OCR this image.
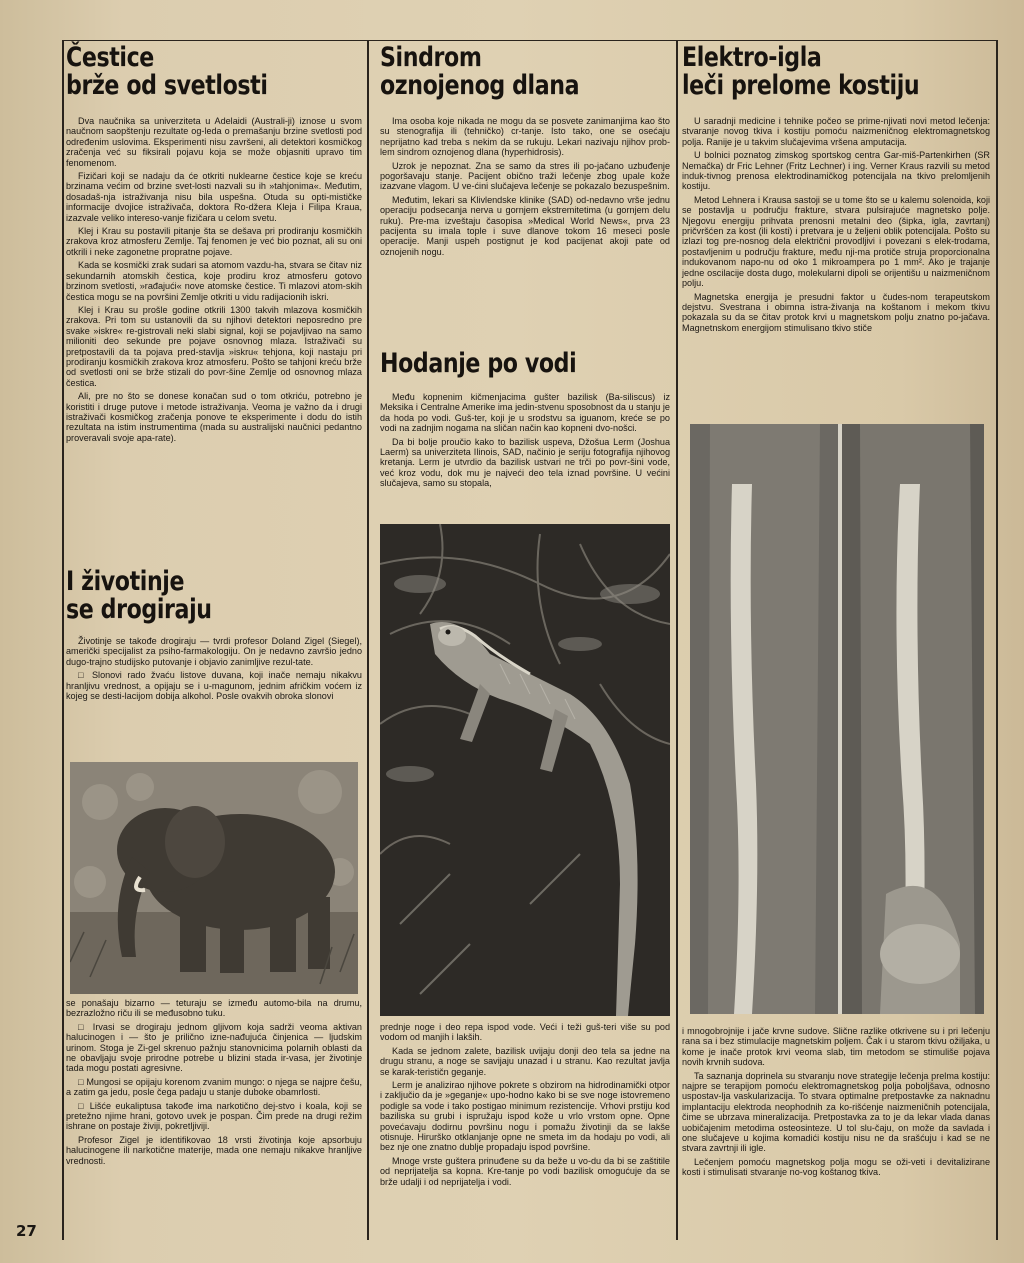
Čestice
brže od svetlosti

Dva naučnika sa univerziteta u Adelaidi (Australi-ji) iznose u svom naučnom saopštenju rezultate og-leda o premašanju brzine svetlosti pod određenim uslovima. Eksperimenti nisu završeni, ali detektori kosmičkog zračenja već su fiksirali pojavu koja se može objasniti upravo tim fenomenom.

Fizičari koji se nadaju da će otkriti nuklearne čestice koje se kreću brzinama većim od brzine svet-losti nazvali su ih »tahjonima«. Međutim, dosadaš-nja istraživanja nisu bila uspešna. Otuda su opti-mističke informacije dvojice istraživača, doktora Ro-džera Kleja i Filipa Kraua, izazvale veliko intereso-vanje fizičara u celom svetu.

Klej i Krau su postavili pitanje šta se dešava pri prodiranju kosmičkih zrakova kroz atmosferu Zemlje. Taj fenomen je već bio poznat, ali su oni otkrili i neke zagonetne propratne pojave.

Kada se kosmički zrak sudari sa atomom vazdu-ha, stvara se čitav niz sekundarnih atomskih čestica, koje prodiru kroz atmosferu gotovo brzinom svetlosti, »rađajući« nove atomske čestice. Ti mlazovi atom-skih čestica mogu se na površini Zemlje otkriti u vidu radijacionih iskri.

Klej i Krau su prošle godine otkrili 1300 takvih mlazova kosmičkih zrakova. Pri tom su ustanovili da su njihovi detektori neposredno pre svake »iskre« re-gistrovali neki slabi signal, koji se pojavljivao na samo milioniti deo sekunde pre pojave osnovnog mlaza. Istraživači su pretpostavili da ta pojava pred-stavlja »iskru« tehjona, koji nastaju pri prodiranju kosmičkih zrakova kroz atmosferu. Pošto se tahjoni kreću brže od svetlosti oni se brže stizali do povr-šine Zemlje od osnovnog mlaza čestica.

Ali, pre no što se donese konačan sud o tom otkriću, potrebno je koristiti i druge putove i metode istraživanja. Veoma je važno da i drugi istraživači kosmičkog zračenja ponove te eksperimente i dodu do istih rezultata na istim instrumentima (mada su australijski naučnici pedantno proveravali svoje apa-rate).

I životinje
se drogiraju

Životinje se takođe drogiraju — tvrdi profesor Doland Zigel (Siegel), američki specijalist za psiho-farmakologiju. On je nedavno završio jedno dugo-trajno studijsko putovanje i objavio zanimljive rezul-tate.

□ Slonovi rado žvaću listove duvana, koji inače nemaju nikakvu hranljivu vrednost, a opijaju se i u-magunom, jednim afričkim voćem iz kojeg se desti-lacijom dobija alkohol. Posle ovakvih obroka slonovi

se ponašaju bizarno — teturaju se između automo-bila na drumu, bezrazložno riču ili se međusobno tuku.

□ Irvasi se drogiraju jednom gljivom koja sadrži veoma aktivan halucinogen i — što je prilično izne-nađujuća činjenica — ljudskim urinom. Stoga je Zi-gel skrenuo pažnju stanovnicima polarnih oblasti da ne obavljaju svoje prirodne potrebe u blizini stada ir-vasa, jer životinje tada mogu postati agresivne.

□ Mungosi se opijaju korenom zvanim mungo: o njega se najpre češu, a zatim ga jedu, posle čega padaju u stanje duboke obamrlosti.

□ Lišće eukaliptusa takođe ima narkotično dej-stvo i koala, koji se pretežno njime hrani, gotovo uvek je pospan. Čim prede na drugi režim ishrane on postaje živiji, pokretljiviji.

Profesor Zigel je identifikovao 18 vrsti životinja koje apsorbuju halucinogene ili narkotične materije, mada one nemaju nikakve hranljive vrednosti.

27
Sindrom
oznojenog dlana

Ima osoba koje nikada ne mogu da se posvete zanimanjima kao što su stenografija ili (tehničko) cr-tanje. Isto tako, one se osećaju neprijatno kad treba s nekim da se rukuju. Lekari nazivaju njihov prob-lem sindrom oznojenog dlana (hyperhidrosis).

Uzrok je nepoznat. Zna se samo da stres ili po-jačano uzbuđenje pogoršavaju stanje. Pacijent obično traži lečenje zbog upale kože izazvane vlagom. U ve-ćini slučajeva lečenje se pokazalo bezuspešnim.

Međutim, lekari sa Klivlendske klinike (SAD) od-nedavno vrše jednu operaciju podsecanja nerva u gornjem ekstremitetima (u gornjem delu ruku). Pre-ma izveštaju časopisa »Medical World News«, prva 23 pacijenta su imala tople i suve dlanove tokom 16 meseci posle operacije. Manji uspeh postignut je kod pacijenat akoji pate od oznojenih nogu.

Hodanje po vodi

Među kopnenim kičmenjacima gušter bazilisk (Ba-siliscus) iz Meksika i Centralne Amerike ima jedin-stvenu sposobnost da u stanju je da hoda po vodi. Guš-ter, koji je u srodstvu sa iguanom, kreće se po vodi na zadnjim nogama na sličan način kao kopneni dvo-nošci.

Da bi bolje proučio kako to bazilisk uspeva, Džošua Lerm (Joshua Laerm) sa univerziteta Ilinois, SAD, načinio je seriju fotografija njihovog kretanja. Lerm je utvrdio da bazilisk ustvari ne trči po povr-šini vode, već kroz vodu, dok mu je najveći deo tela iznad površine. U većini slučajeva, samo su stopala,

prednje noge i deo repa ispod vode. Veći i teži guš-teri više su pod vodom od manjih i lakših.

Kada se jednom zalete, bazilisk uvijaju donji deo tela sa jedne na drugu stranu, a noge se savijaju unazad i u stranu. Kao rezultat javlja se karak-terističn geganje.

Lerm je analizirao njihove pokrete s obzirom na hidrodinamički otpor i zaključio da je »geganje« upo-hodno kako bi se sve noge istovremeno podigle sa vode i tako postigao minimum rezistencije. Vrhovi prstiju kod baziliska su grubi i ispružaju ispod kože u vrlo vrstom opne. Opne povećavaju dodirnu površinu nogu i pomažu životinji da se lakše otisnuje. Hirurško otklanjanje opne ne smeta im da hodaju po vodi, ali bez nje one znatno dublje propadaju ispod površine.

Mnoge vrste guštera prinuđene su da beže u vo-du da bi se zaštitile od neprijatelja sa kopna. Kre-tanje po vodi bazilisk omogućuje da se brže udalji i od neprijatelja i vodi.

Elektro-igla
leči prelome kostiju

U saradnji medicine i tehnike počeo se prime-njivati novi metod lečenja: stvaranje novog tkiva i kostiju pomoću naizmeničnog elektromagnetskog polja. Ranije je u takvim slučajevima vršena amputacija.

U bolnici poznatog zimskog sportskog centra Gar-miš-Partenkirhen (SR Nemačka) dr Fric Lehner (Fritz Lechner) i ing. Verner Kraus razvili su metod induk-tivnog prenosa elektrodinamičkog potencijala na tkivo prelomljenih kostiju.

Metod Lehnera i Krausa sastoji se u tome što se u kalemu solenoida, koji se postavlja u području frakture, stvara pulsirajuće magnetsko polje. Njegovu energiju prihvata prenosni metalni deo (šipka, igla, zavrtanj) pričvršćen za kost (ili kosti) i pretvara je u željeni oblik potencijala. Pošto su izlazi tog pre-nosnog dela električni provodljivi i povezani s elek-trodama, postavljenim u području frakture, među nji-ma protiče struja proporcionalna indukovanom napo-nu od oko 1 mikroampera po 1 mm². Ako je trajanje jedne oscilacije dosta dugo, molekularni dipoli se orijentišu u naizmeničnom polju.

Magnetska energija je presudni faktor u čudes-nom terapeutskom dejstvu. Svestrana i obimna istra-živanja na koštanom i mekom tkivu pokazala su da se čitav protok krvi u magnetskom polju znatno po-jačava. Magnetnskom energijom stimulisano tkivo stiče

i mnogobrojnije i jače krvne sudove. Slične razlike otkrivene su i pri lečenju rana sa i bez stimulacije magnetskim poljem. Čak i u starom tkivu ožiljaka, u kome je inače protok krvi veoma slab, tim metodom se stimuliše pojava novih krvnih sudova.

Ta saznanja doprinela su stvaranju nove strategije lečenja prelma kostiju: najpre se terapijom pomoću elektromagnetskog polja poboljšava, odnosno uspostav-lja vaskularizacija. To stvara optimalne pretpostavke za naknadnu implantaciju elektroda neophodnih za ko-rišćenje naizmeničnih potencijala, čime se ubrzava mineralizacija. Pretpostavka za to je da lekar vlada danas uobičajenim metodima osteosinteze. U tol slu-čaju, on može da savlada i one slučajeve u kojima komadići kostiju nisu ne da srašćuju i kad se ne stvara zavrtnji ili igle.

Lečenjem pomoću magnetskog polja mogu se oži-veti i devitalizirane kosti i stimulisati stvaranje no-vog koštanog tkiva.
